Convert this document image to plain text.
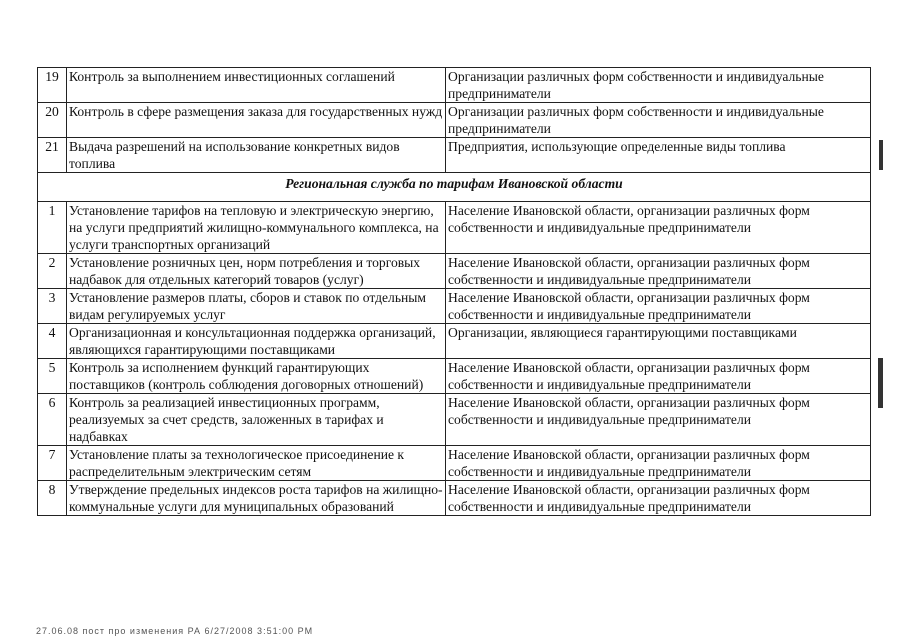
19	Контроль за выполнением инвестиционных соглашений	Организации различных форм собственности и индивидуальные предприниматели
20	Контроль в сфере размещения заказа для государственных нужд	Организации различных форм собственности и индивидуальные предприниматели
21	Выдача разрешений на использование конкретных видов топлива	Предприятия, использующие определенные виды топлива
Региональная служба по тарифам Ивановской области		
1	Установление тарифов на тепловую и электрическую энергию, на услуги предприятий жилищно-коммунального комплекса, на услуги транспортных организаций	Население Ивановской области, организации различных форм собственности и индивидуальные предприниматели
2	Установление розничных цен, норм потребления и торговых надбавок для отдельных категорий товаров (услуг)	Население Ивановской области, организации различных форм собственности и индивидуальные предприниматели
3	Установление размеров платы, сборов и ставок по отдельным видам регулируемых услуг	Население Ивановской области, организации различных форм собственности и индивидуальные предприниматели
4	Организационная и консультационная поддержка организаций, являющихся гарантирующими поставщиками	Организации, являющиеся гарантирующими поставщиками
5	Контроль за исполнением функций гарантирующих поставщиков (контроль соблюдения договорных отношений)	Население Ивановской области, организации различных форм собственности и индивидуальные предприниматели
6	Контроль за реализацией инвестиционных программ, реализуемых за счет средств, заложенных в тарифах и надбавках	Население Ивановской области, организации различных форм собственности и индивидуальные предприниматели
7	Установление платы за технологическое присоединение к распределительным электрическим сетям	Население Ивановской области, организации различных форм собственности и индивидуальные предприниматели
8	Утверждение предельных индексов роста тарифов на жилищно-коммунальные услуги для муниципальных образований	Население Ивановской области, организации различных форм собственности и индивидуальные предприниматели
27.06.08 пост про изменения РА 6/27/2008 3:51:00 PM
